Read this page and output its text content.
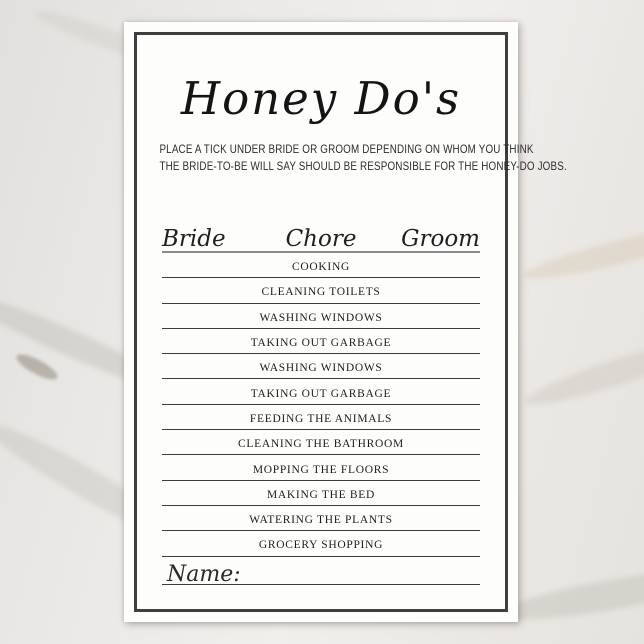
Honey Do's
PLACE A TICK UNDER BRIDE OR GROOM DEPENDING ON WHOM YOU THINK
THE BRIDE-TO-BE WILL SAY SHOULD BE RESPONSIBLE FOR THE HONEY-DO JOBS.
Chore
Bride	Groom
COOKING
CLEANING TOILETS
WASHING WINDOWS
TAKING OUT GARBAGE
WASHING WINDOWS
TAKING OUT GARBAGE
FEEDING THE ANIMALS
CLEANING THE BATHROOM
MOPPING THE FLOORS
MAKING THE BED
WATERING THE PLANTS
GROCERY SHOPPING
Name:
